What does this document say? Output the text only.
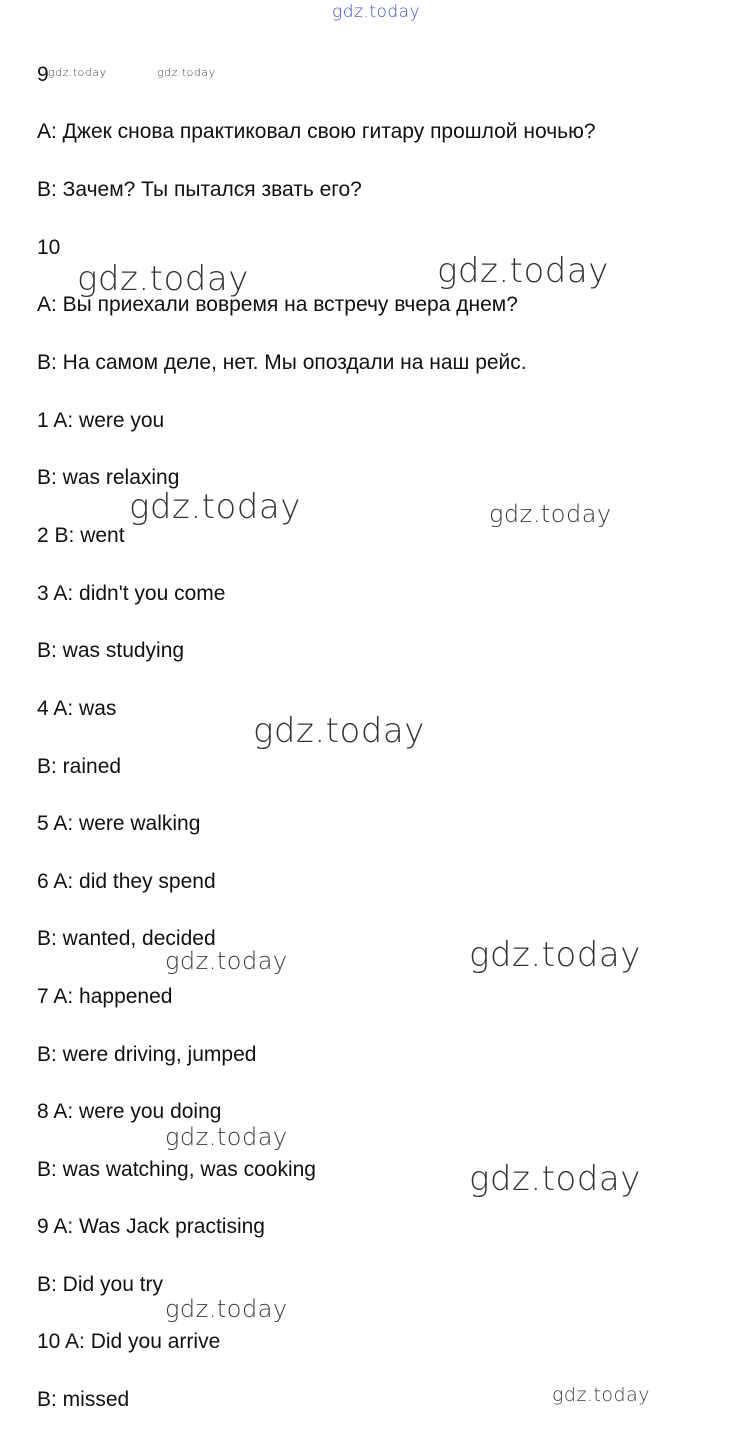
gdz.today
9 gdz.today	gdz.today
A: Джек снова практиковал свою гитару прошлой ночью?
B: Зачем? Ты пытался звать его?
10
A: Вы приехали вовремя на встречу вчера днем?
B: На самом деле, нет. Мы опоздали на наш рейс.
1 A: were you
B: was relaxing
2 B: went
3 A: didn't you come
B: was studying
4 A: was
B: rained
5 A: were walking
6 A: did they spend
B: wanted, decided
7 A: happened
B: were driving, jumped
8 A: were you doing
B: was watching, was cooking
9 A: Was Jack practising
B: Did you try
10 A: Did you arrive
B: missed
gdz.today	gdz.today
gdz.today	gdz.today
gdz.today
gdz.today	gdz.today
gdz.today
gdz.today
gdz.today
gdz.today
